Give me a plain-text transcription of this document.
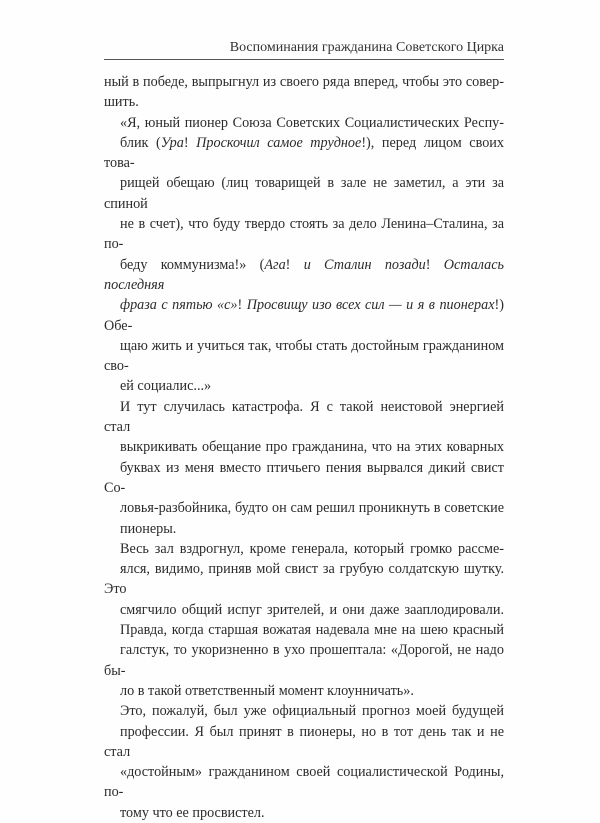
Воспоминания гражданина Советского Цирка

ный в победе, выпрыгнул из своего ряда вперед, чтобы это совер-
шить.

«Я, юный пионер Союза Советских Социалистических Респу-
блик (Ура! Проскочил самое трудное!), перед лицом своих това-
рищей обещаю (лиц товарищей в зале не заметил, а эти за спиной
не в счет), что буду твердо стоять за дело Ленина–Сталина, за по-
беду коммунизма!» (Ага! и Сталин позади! Осталась последняя
фраза с пятью «с»! Просвищу изо всех сил — и я в пионерах!) Обе-
щаю жить и учиться так, чтобы стать достойным гражданином сво-
ей социалис...»

И тут случилась катастрофа. Я с такой неистовой энергией стал
выкрикивать обещание про гражданина, что на этих коварных
буквах из меня вместо птичьего пения вырвался дикий свист Со-
ловья-разбойника, будто он сам решил проникнуть в советские
пионеры.

Весь зал вздрогнул, кроме генерала, который громко рассме-
ялся, видимо, приняв мой свист за грубую солдатскую шутку. Это
смягчило общий испуг зрителей, и они даже зааплодировали.
Правда, когда старшая вожатая надевала мне на шею красный
галстук, то укоризненно в ухо прошептала: «Дорогой, не надо бы-
ло в такой ответственный момент клоунничать».

Это, пожалуй, был уже официальный прогноз моей будущей
профессии. Я был принят в пионеры, но в тот день так и не стал
«достойным» гражданином своей социалистической Родины, по-
тому что ее просвистел.
